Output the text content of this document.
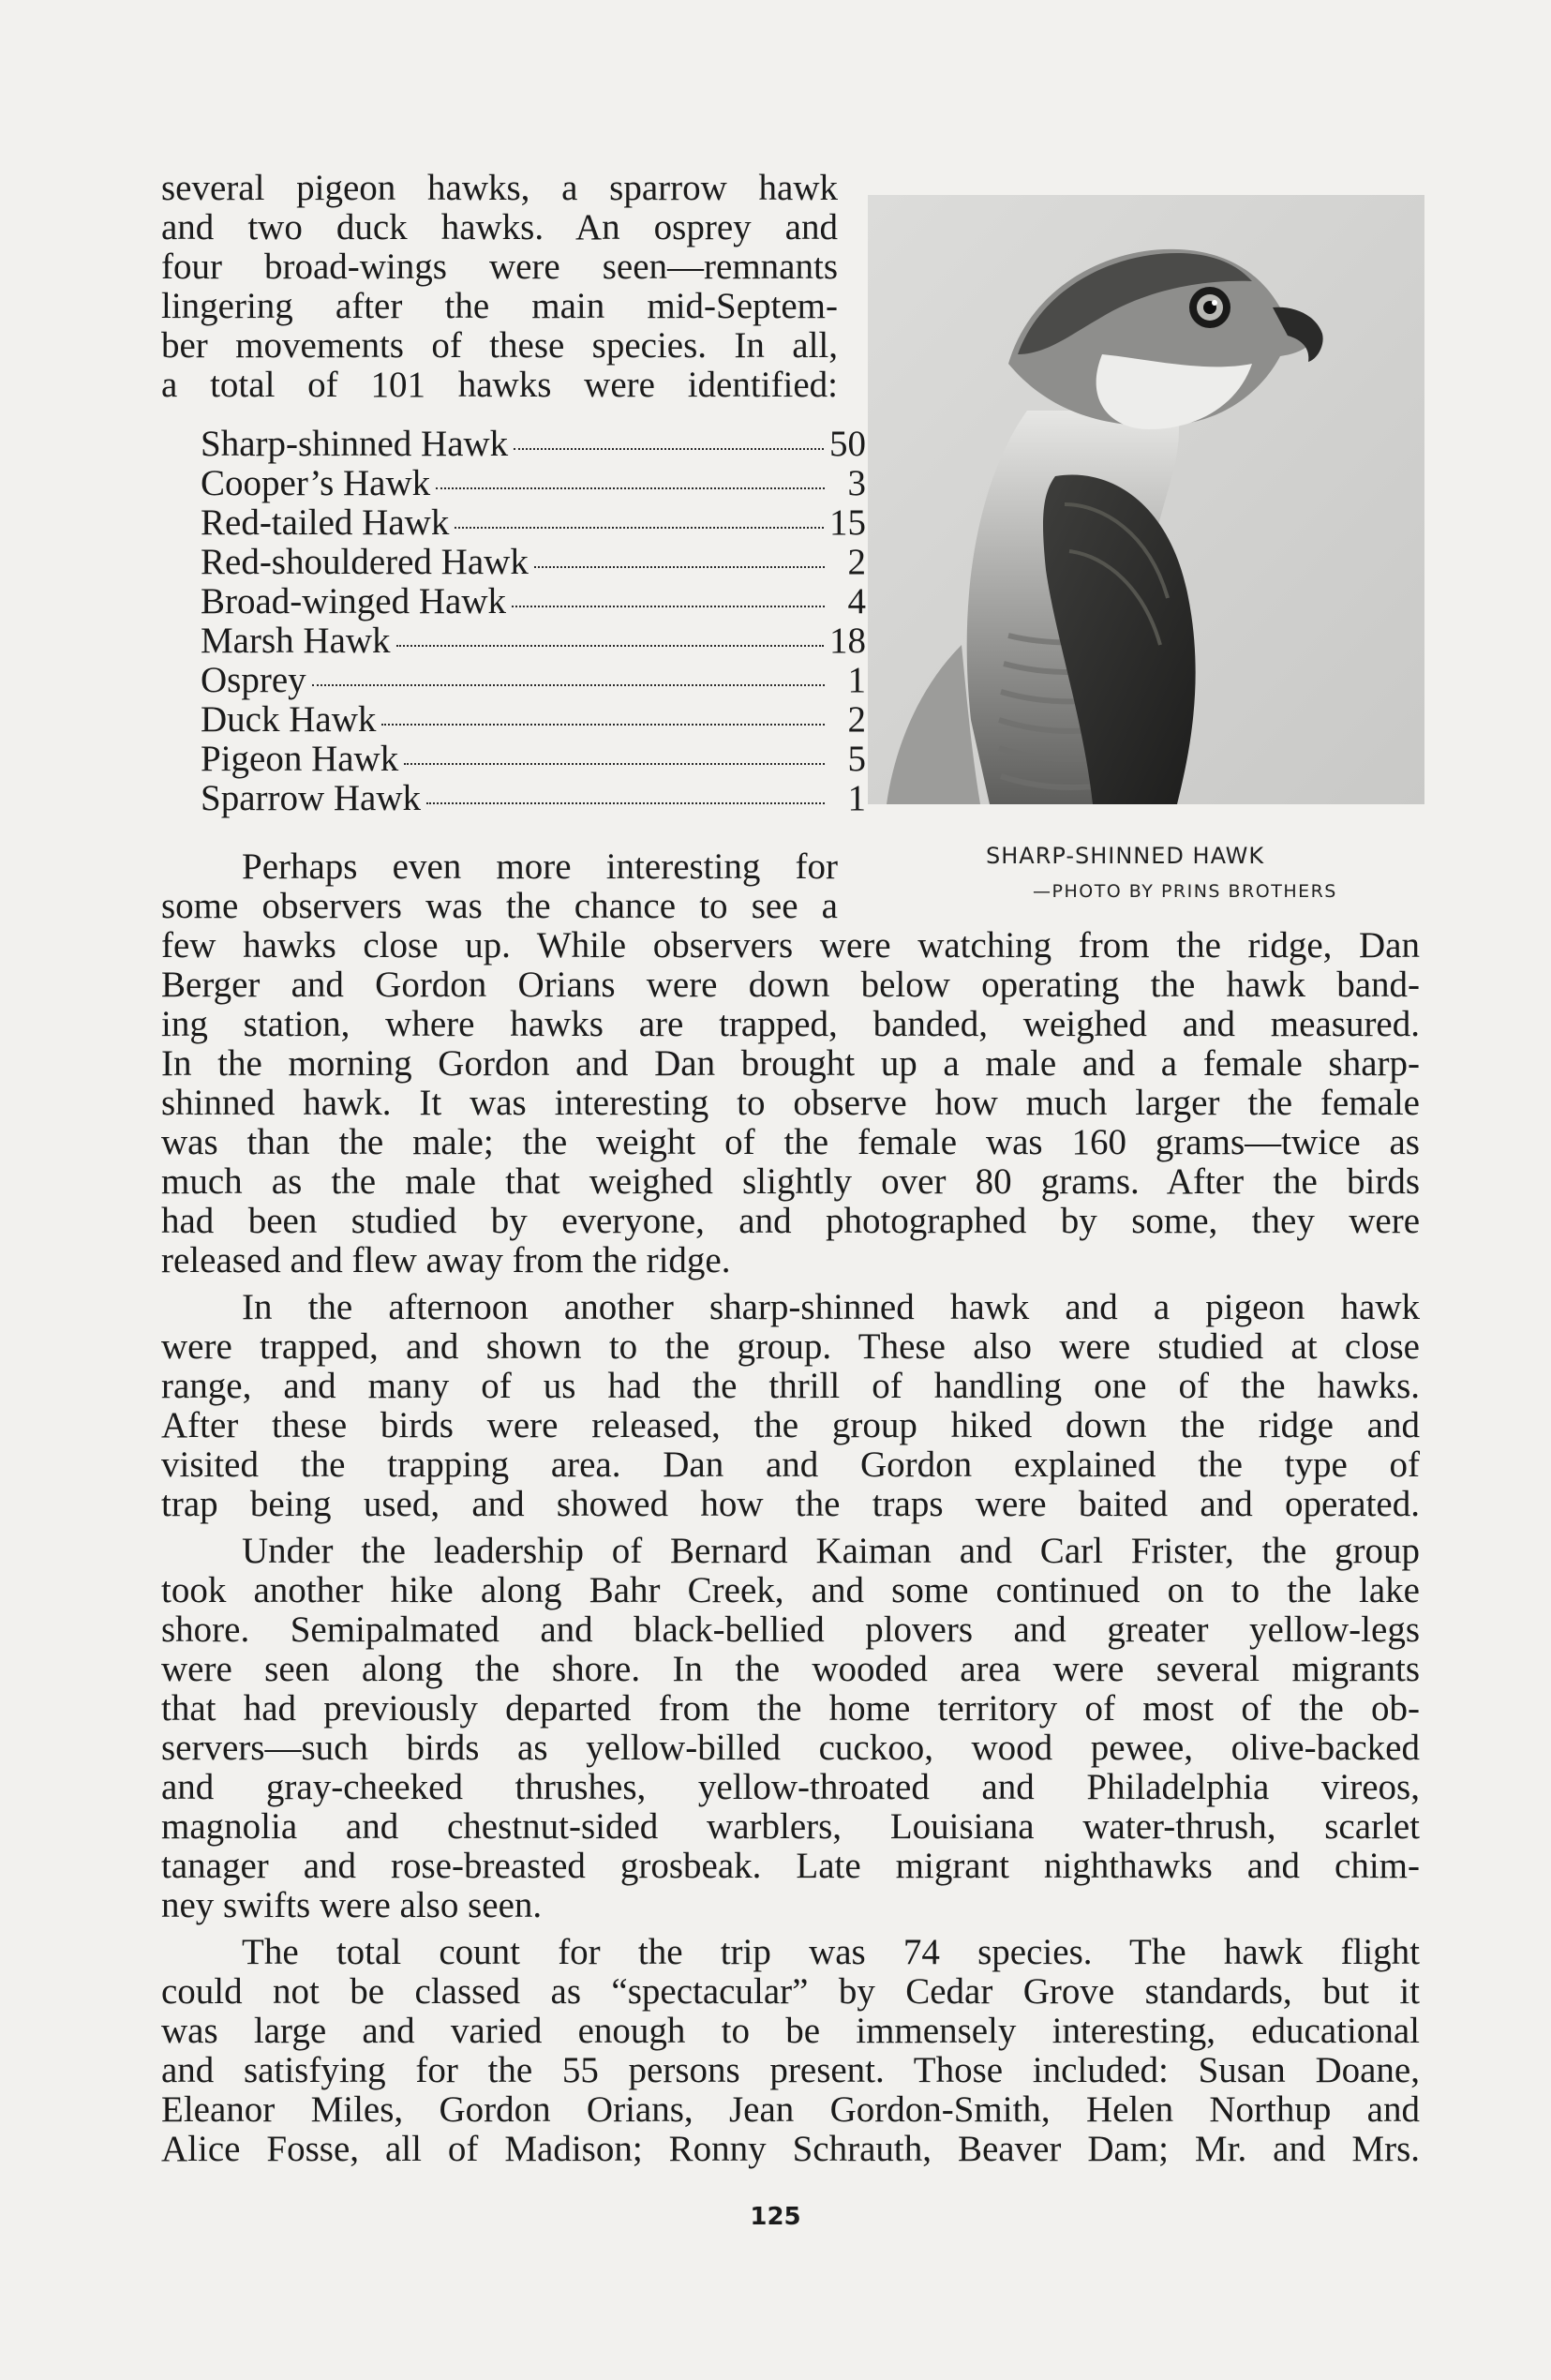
several pigeon hawks, a sparrow hawk

and two duck hawks. An osprey and

four broad-wings were seen—remnants

lingering after the main mid-Septem-

ber movements of these species. In all,

a total of 101 hawks were identified:

Sharp-shinned Hawk	50
Cooper’s Hawk	3
Red-tailed Hawk	15
Red-shouldered Hawk	2
Broad-winged Hawk	4
Marsh Hawk	18
Osprey	1
Duck Hawk	2
Pigeon Hawk	5
Sparrow Hawk	1

SHARP-SHINNED HAWK

—PHOTO BY PRINS BROTHERS

Perhaps even more interesting for

some observers was the chance to see a

few hawks close up. While observers were watching from the ridge, Dan

Berger and Gordon Orians were down below operating the hawk band-

ing station, where hawks are trapped, banded, weighed and measured.

In the morning Gordon and Dan brought up a male and a female sharp-

shinned hawk. It was interesting to observe how much larger the female

was than the male; the weight of the female was 160 grams—twice as

much as the male that weighed slightly over 80 grams. After the birds

had been studied by everyone, and photographed by some, they were

released and flew away from the ridge.

In the afternoon another sharp-shinned hawk and a pigeon hawk

were trapped, and shown to the group. These also were studied at close

range, and many of us had the thrill of handling one of the hawks.

After these birds were released, the group hiked down the ridge and

visited the trapping area. Dan and Gordon explained the type of

trap being used, and showed how the traps were baited and operated.

Under the leadership of Bernard Kaiman and Carl Frister, the group

took another hike along Bahr Creek, and some continued on to the lake

shore. Semipalmated and black-bellied plovers and greater yellow-legs

were seen along the shore. In the wooded area were several migrants

that had previously departed from the home territory of most of the ob-

servers—such birds as yellow-billed cuckoo, wood pewee, olive-backed

and gray-cheeked thrushes, yellow-throated and Philadelphia vireos,

magnolia and chestnut-sided warblers, Louisiana water-thrush, scarlet

tanager and rose-breasted grosbeak. Late migrant nighthawks and chim-

ney swifts were also seen.

The total count for the trip was 74 species. The hawk flight

could not be classed as “spectacular” by Cedar Grove standards, but it

was large and varied enough to be immensely interesting, educational

and satisfying for the 55 persons present. Those included: Susan Doane,

Eleanor Miles, Gordon Orians, Jean Gordon-Smith, Helen Northup and

Alice Fosse, all of Madison; Ronny Schrauth, Beaver Dam; Mr. and Mrs.

125
